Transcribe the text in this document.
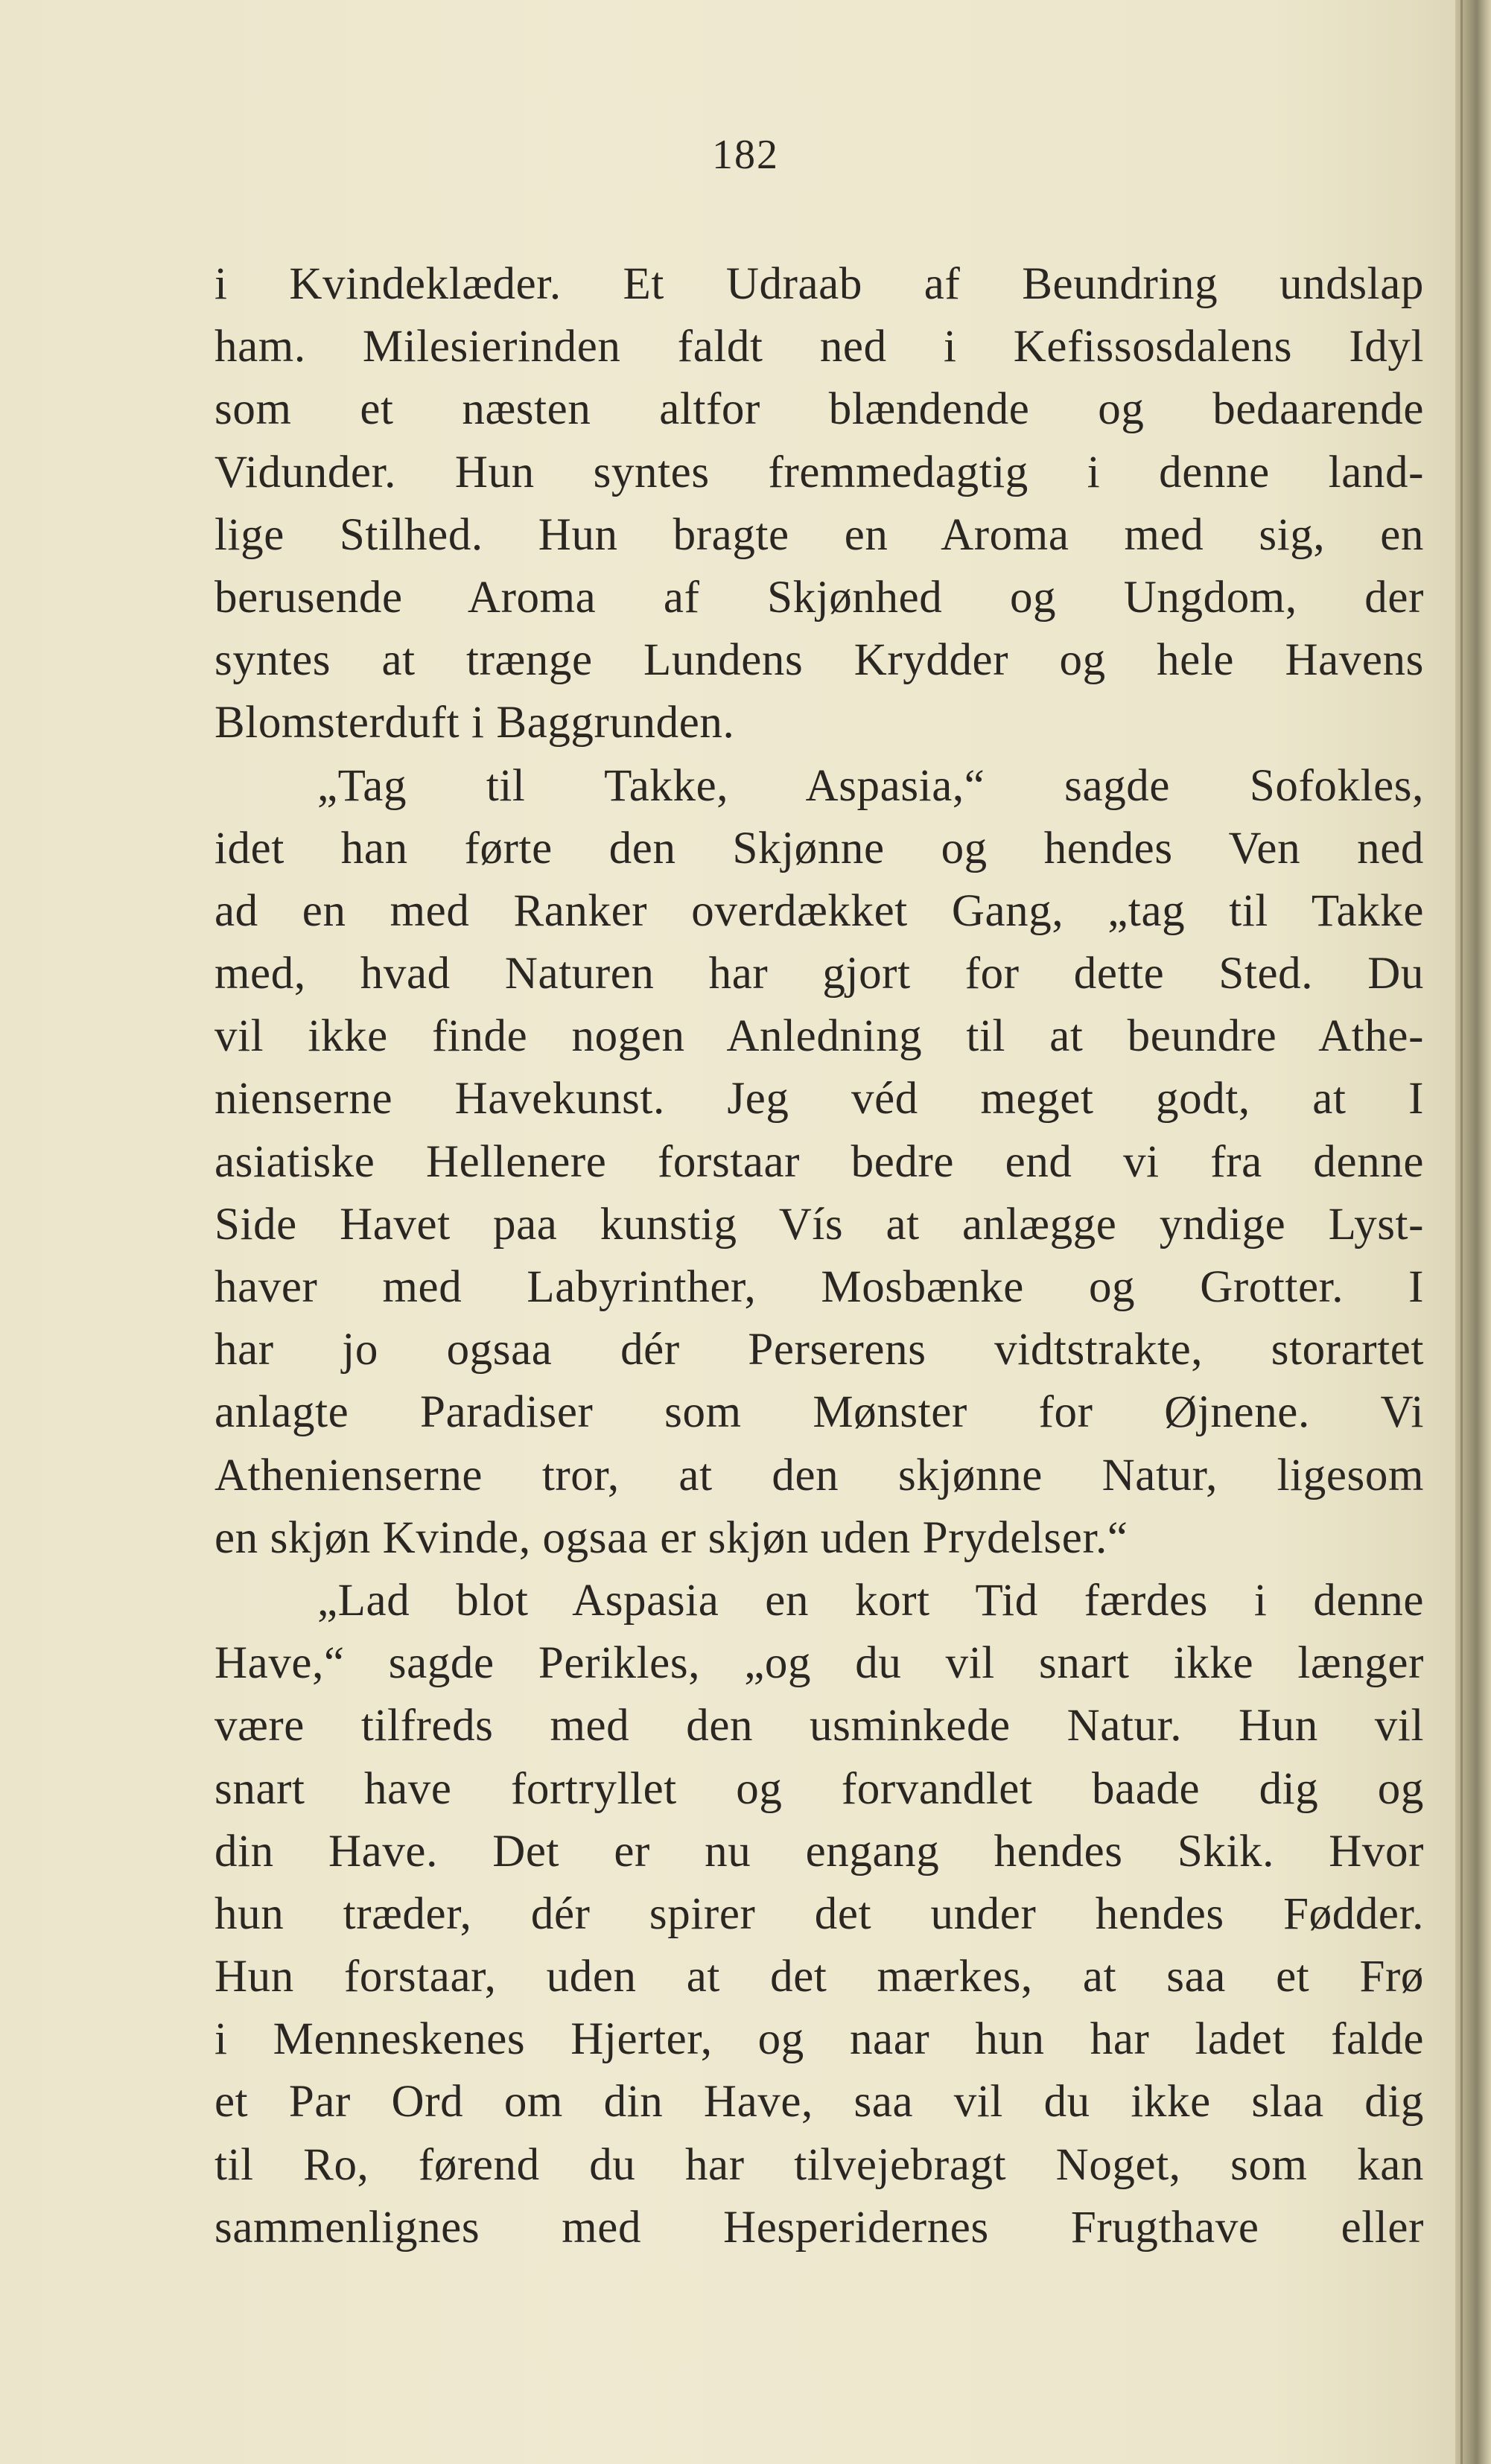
182
i Kvindeklæder. Et Udraab af Beundring undslap
ham. Milesierinden faldt ned i Kefissosdalens Idyl
som et næsten altfor blændende og bedaarende
Vidunder. Hun syntes fremmedagtig i denne land-
lige Stilhed. Hun bragte en Aroma med sig, en
berusende Aroma af Skjønhed og Ungdom, der
syntes at trænge Lundens Krydder og hele Havens
Blomsterduft i Baggrunden.
„Tag til Takke, Aspasia,“ sagde Sofokles,
idet han førte den Skjønne og hendes Ven ned
ad en med Ranker overdækket Gang, „tag til Takke
med, hvad Naturen har gjort for dette Sted. Du
vil ikke finde nogen Anledning til at beundre Athe-
nienserne Havekunst. Jeg véd meget godt, at I
asiatiske Hellenere forstaar bedre end vi fra denne
Side Havet paa kunstig Vís at anlægge yndige Lyst-
haver med Labyrinther, Mosbænke og Grotter. I
har jo ogsaa dér Perserens vidtstrakte, storartet
anlagte Paradiser som Mønster for Øjnene. Vi
Athenienserne tror, at den skjønne Natur, ligesom
en skjøn Kvinde, ogsaa er skjøn uden Prydelser.“
„Lad blot Aspasia en kort Tid færdes i denne
Have,“ sagde Perikles, „og du vil snart ikke længer
være tilfreds med den usminkede Natur. Hun vil
snart have fortryllet og forvandlet baade dig og
din Have. Det er nu engang hendes Skik. Hvor
hun træder, dér spirer det under hendes Fødder.
Hun forstaar, uden at det mærkes, at saa et Frø
i Menneskenes Hjerter, og naar hun har ladet falde
et Par Ord om din Have, saa vil du ikke slaa dig
til Ro, førend du har tilvejebragt Noget, som kan
sammenlignes med Hesperidernes Frugthave eller
